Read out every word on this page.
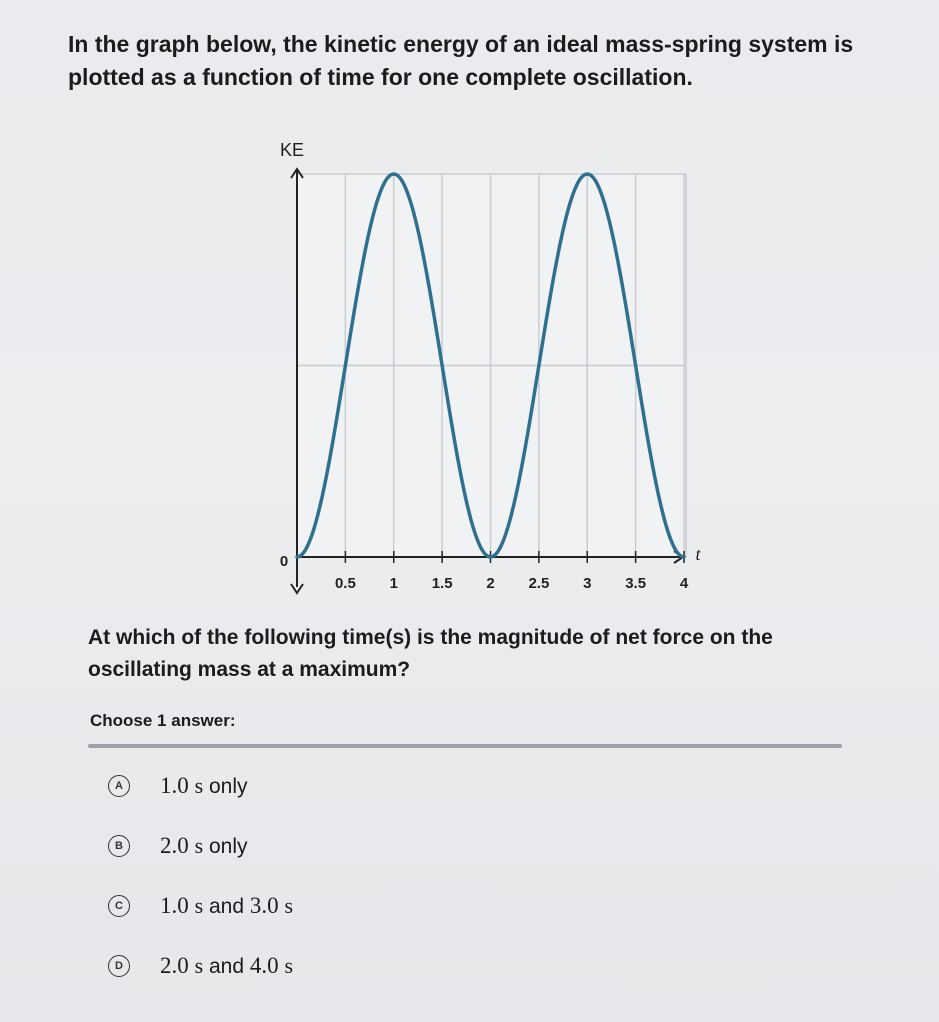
In the graph below, the kinetic energy of an ideal mass-spring system is plotted as a function of time for one complete oscillation.
0.5 1 1.5 2 2.5 3 3.5 4
0
KE
t
At which of the following time(s) is the magnitude of net force on the oscillating mass at a maximum?
Choose 1 answer:
A	1.0 s only
B	2.0 s only
C	1.0 s and 3.0 s
D	2.0 s and 4.0 s
